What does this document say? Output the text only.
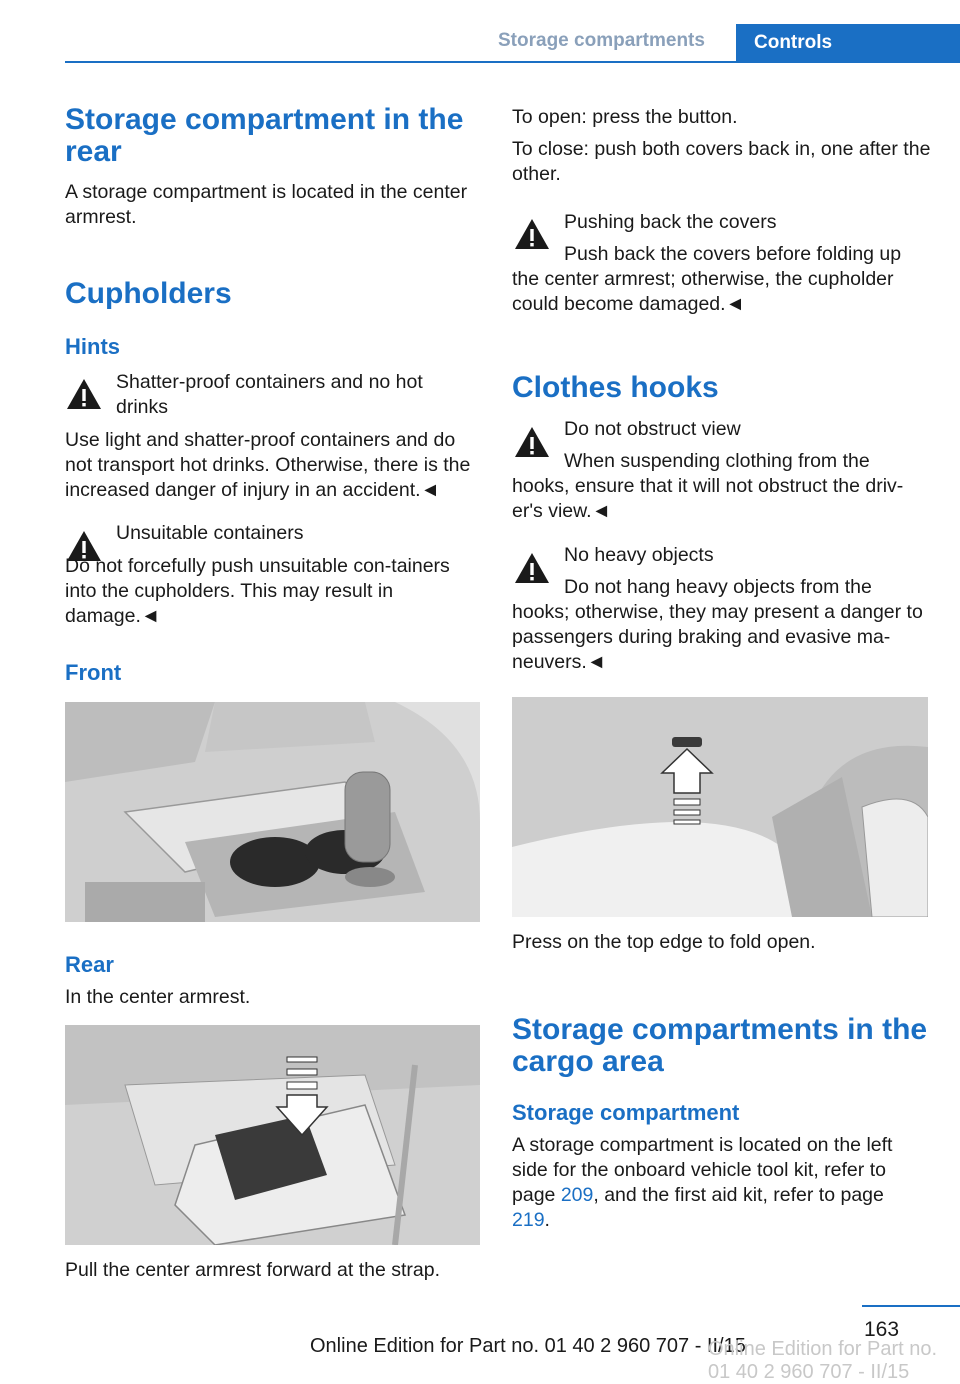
Storage compartments	Controls
Storage compartment in the rear
A storage compartment is located in the center armrest.
Cupholders
Hints
Shatter-proof containers and no hot drinks
Use light and shatter-proof containers and do not transport hot drinks. Otherwise, there is the increased danger of injury in an accident.◄
Unsuitable containers
Do not forcefully push unsuitable con‐tainers into the cupholders. This may result in damage.◄
Front
Rear
In the center armrest.
Pull the center armrest forward at the strap.
To open: press the button.
To close: push both covers back in, one after the other.
Pushing back the covers
Push back the covers before folding up the center armrest; otherwise, the cupholder could become damaged.◄
Clothes hooks
Do not obstruct view
When suspending clothing from the hooks, ensure that it will not obstruct the driv‐er's view.◄
No heavy objects
Do not hang heavy objects from the hooks; otherwise, they may present a danger to passengers during braking and evasive ma‐neuvers.◄
Press on the top edge to fold open.
Storage compartments in the cargo area
Storage compartment
A storage compartment is located on the left side for the onboard vehicle tool kit, refer to page 209, and the first aid kit, refer to page 219.
163
Online Edition for Part no. 01 40 2 960 707 - II/15
Online Edition for Part no. 01 40 2 960 707 - II/15
